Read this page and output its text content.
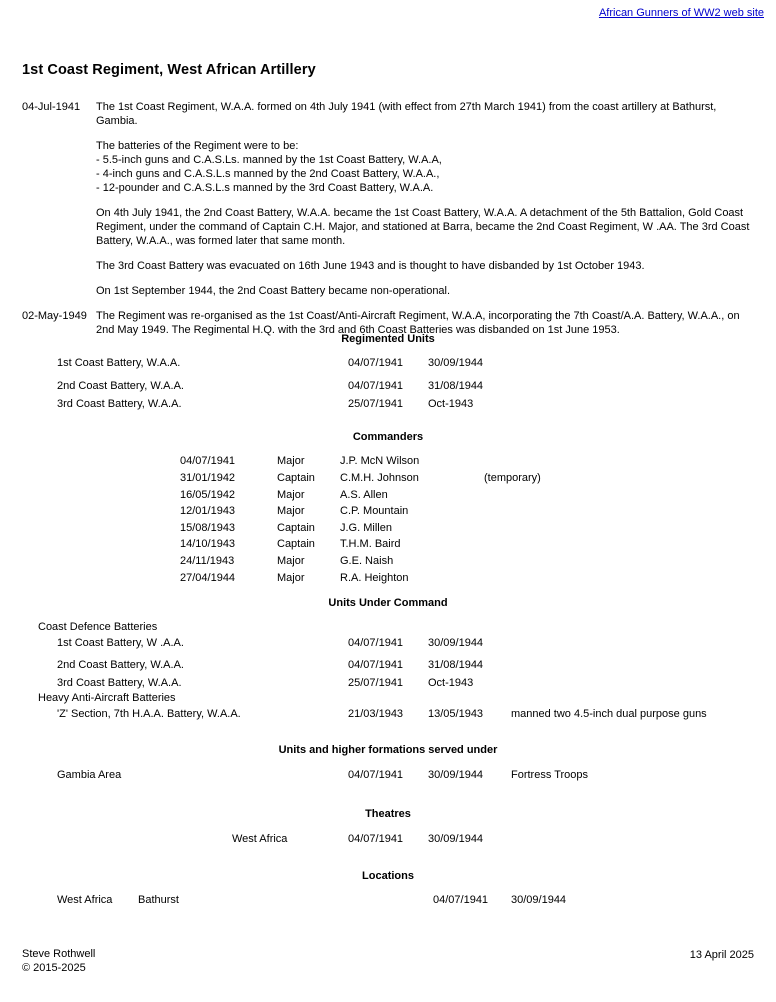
African Gunners of WW2 web site
1st Coast Regiment, West African Artillery
04-Jul-1941	The 1st Coast Regiment, W.A.A. formed on 4th July 1941 (with effect from 27th March 1941) from the coast artillery at Bathurst, Gambia.

The batteries of the Regiment were to be:

- 5.5-inch guns and C.A.S.Ls. manned by the 1st Coast Battery, W.A.A,

- 4-inch guns and C.A.S.L.s manned by the 2nd Coast Battery, W.A.A.,

- 12-pounder and C.A.S.L.s manned by the 3rd Coast Battery, W.A.A.

On 4th July 1941, the 2nd Coast Battery, W.A.A. became the 1st Coast Battery, W.A.A. A detachment of the 5th Battalion, Gold Coast Regiment, under the command of Captain C.H. Major, and stationed at Barra, became the 2nd Coast Regiment, W .AA. The 3rd Coast Battery, W.A.A., was formed later that same month.

The 3rd Coast Battery was evacuated on 16th June 1943 and is thought to have disbanded by 1st October 1943.

On 1st September 1944, the 2nd Coast Battery became non-operational.

02-May-1949 The Regiment was re-organised as the 1st Coast/Anti-Aircraft Regiment, W.A.A, incorporating the 7th Coast/A.A. Battery, W.A.A., on 2nd May 1949. The Regimental H.Q. with the 3rd and 6th Coast Batteries was disbanded on 1st June 1953.

Regimented Units
1st Coast Battery, W.A.A.	04/07/1941 30/09/1944
2nd Coast Battery, W.A.A.	04/07/1941 31/08/1944
3rd Coast Battery, W.A.A.	25/07/1941 Oct-1943
Commanders
04/07/1941	Major	J.P. McN Wilson
31/01/1942	Captain C.M.H. Johnson	(temporary)
16/05/1942	Major	A.S. Allen
12/01/1943	Major	C.P. Mountain
15/08/1943	Captain J.G. Millen
14/10/1943	Captain T.H.M. Baird
24/11/1943	Major	G.E. Naish
27/04/1944	Major	R.A. Heighton
Units Under Command
Coast Defence Batteries
1st Coast Battery, W .A.A.	04/07/1941 30/09/1944
2nd Coast Battery, W.A.A.	04/07/1941 31/08/1944
3rd Coast Battery, W.A.A.	25/07/1941 Oct-1943
Heavy Anti-Aircraft Batteries
'Z' Section, 7th H.A.A. Battery, W.A.A.	21/03/1943 13/05/1943	manned two 4.5-inch dual purpose guns
Units and higher formations served under
Gambia Area	04/07/1941 30/09/1944	Fortress Troops
Theatres
West Africa	04/07/1941 30/09/1944
Locations
West Africa Bathurst	04/07/1941 30/09/1944
Steve Rothwell
© 2015-2025
13 April 2025
